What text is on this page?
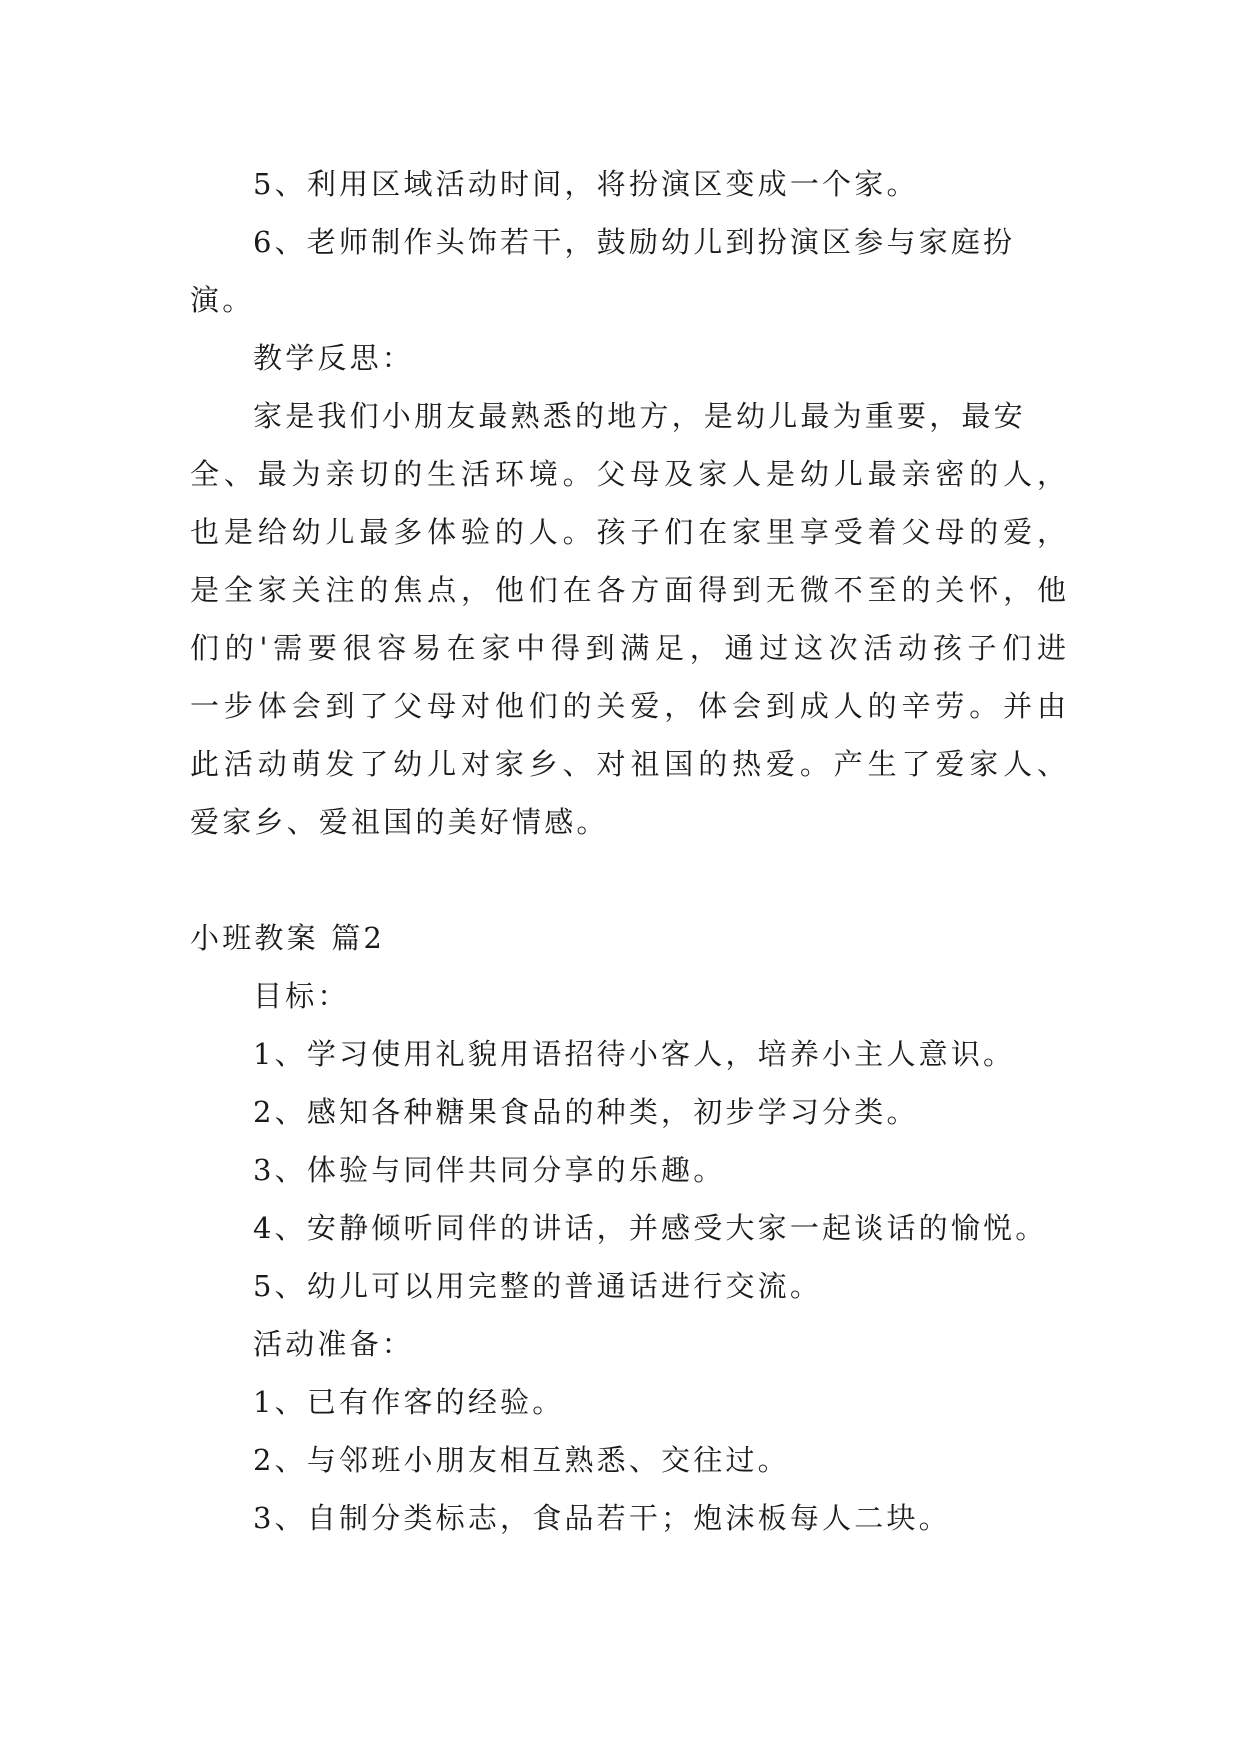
5、利用区域活动时间，将扮演区变成一个家。
6、老师制作头饰若干，鼓励幼儿到扮演区参与家庭扮
演。
教学反思：
家是我们小朋友最熟悉的地方，是幼儿最为重要，最安
全、最为亲切的生活环境。父母及家人是幼儿最亲密的人，
也是给幼儿最多体验的人。孩子们在家里享受着父母的爱，
是全家关注的焦点，他们在各方面得到无微不至的关怀，他
们的'需要很容易在家中得到满足，通过这次活动孩子们进
一步体会到了父母对他们的关爱，体会到成人的辛劳。并由
此活动萌发了幼儿对家乡、对祖国的热爱。产生了爱家人、
爱家乡、爱祖国的美好情感。
小班教案 篇2
目标：
1、学习使用礼貌用语招待小客人，培养小主人意识。
2、感知各种糖果食品的种类，初步学习分类。
3、体验与同伴共同分享的乐趣。
4、安静倾听同伴的讲话，并感受大家一起谈话的愉悦。
5、幼儿可以用完整的普通话进行交流。
活动准备：
1、已有作客的经验。
2、与邻班小朋友相互熟悉、交往过。
3、自制分类标志，食品若干；炮沫板每人二块。
